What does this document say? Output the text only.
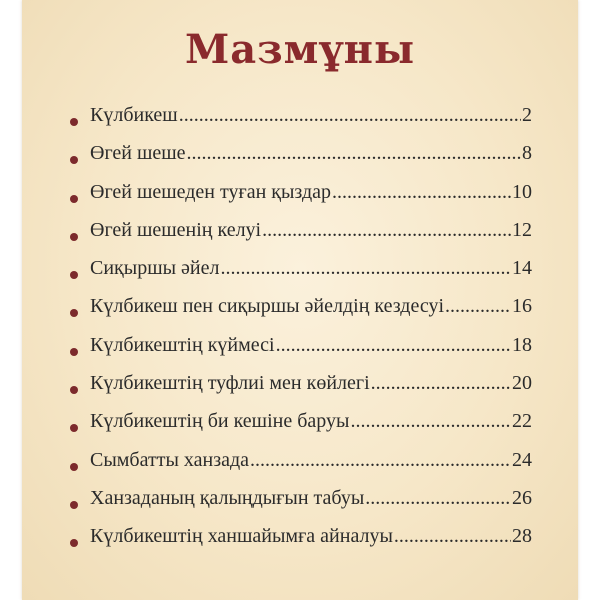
Мазмұны
Күлбикеш .....	2
Өгей шеше .....	8
Өгей шешеден туған қыздар .....	10
Өгей шешенің келуі .....	12
Сиқыршы әйел .....	14
Күлбикеш пен сиқыршы әйелдің кездесуі .....	16
Күлбикештің күймесі .....	18
Күлбикештің туфлиі мен көйлегі .....	20
Күлбикештің би кешіне баруы .....	22
Сымбатты ханзада .....	24
Ханзаданың қалыңдығын табуы .....	26
Күлбикештің ханшайымға айналуы .....	28
